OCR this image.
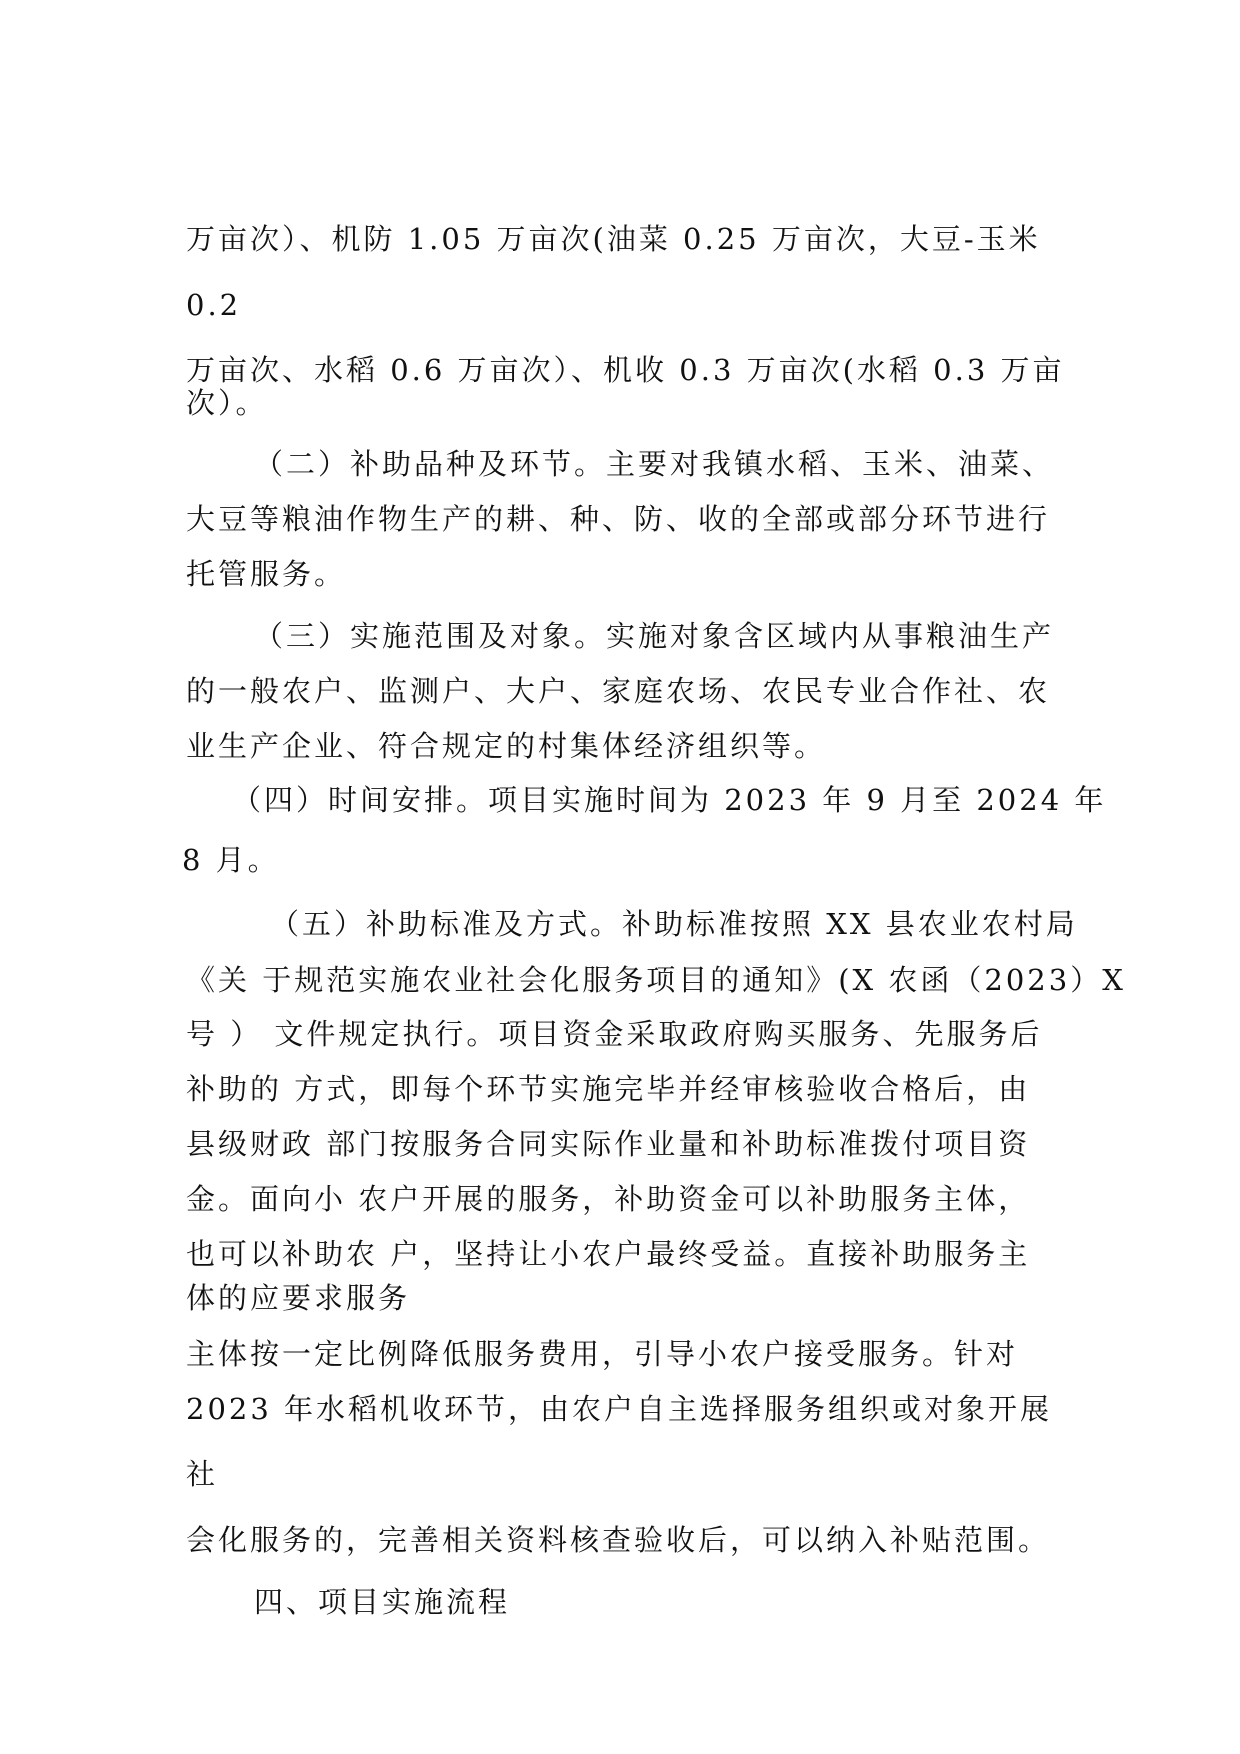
万亩次）、机防 1.05 万亩次(油菜 0.25 万亩次，大豆-玉米
0.2
万亩次、水稻 0.6 万亩次）、机收 0.3 万亩次(水稻 0.3 万亩
次）。
（二）补助品种及环节。主要对我镇水稻、玉米、油菜、
大豆等粮油作物生产的耕、种、防、收的全部或部分环节进行
托管服务。
（三）实施范围及对象。实施对象含区域内从事粮油生产
的一般农户、监测户、大户、家庭农场、农民专业合作社、农
业生产企业、符合规定的村集体经济组织等。
（四）时间安排。项目实施时间为 2023 年 9 月至 2024 年
8 月。
（五）补助标准及方式。补助标准按照 XX 县农业农村局
《关 于规范实施农业社会化服务项目的通知》(X 农函（2023）X
号 ） 文件规定执行。项目资金采取政府购买服务、先服务后
补助的 方式，即每个环节实施完毕并经审核验收合格后，由
县级财政 部门按服务合同实际作业量和补助标准拨付项目资
金。面向小 农户开展的服务，补助资金可以补助服务主体，
也可以补助农 户，坚持让小农户最终受益。直接补助服务主
体的应要求服务
主体按一定比例降低服务费用，引导小农户接受服务。针对
2023 年水稻机收环节，由农户自主选择服务组织或对象开展
社
会化服务的，完善相关资料核查验收后，可以纳入补贴范围。
四、项目实施流程
